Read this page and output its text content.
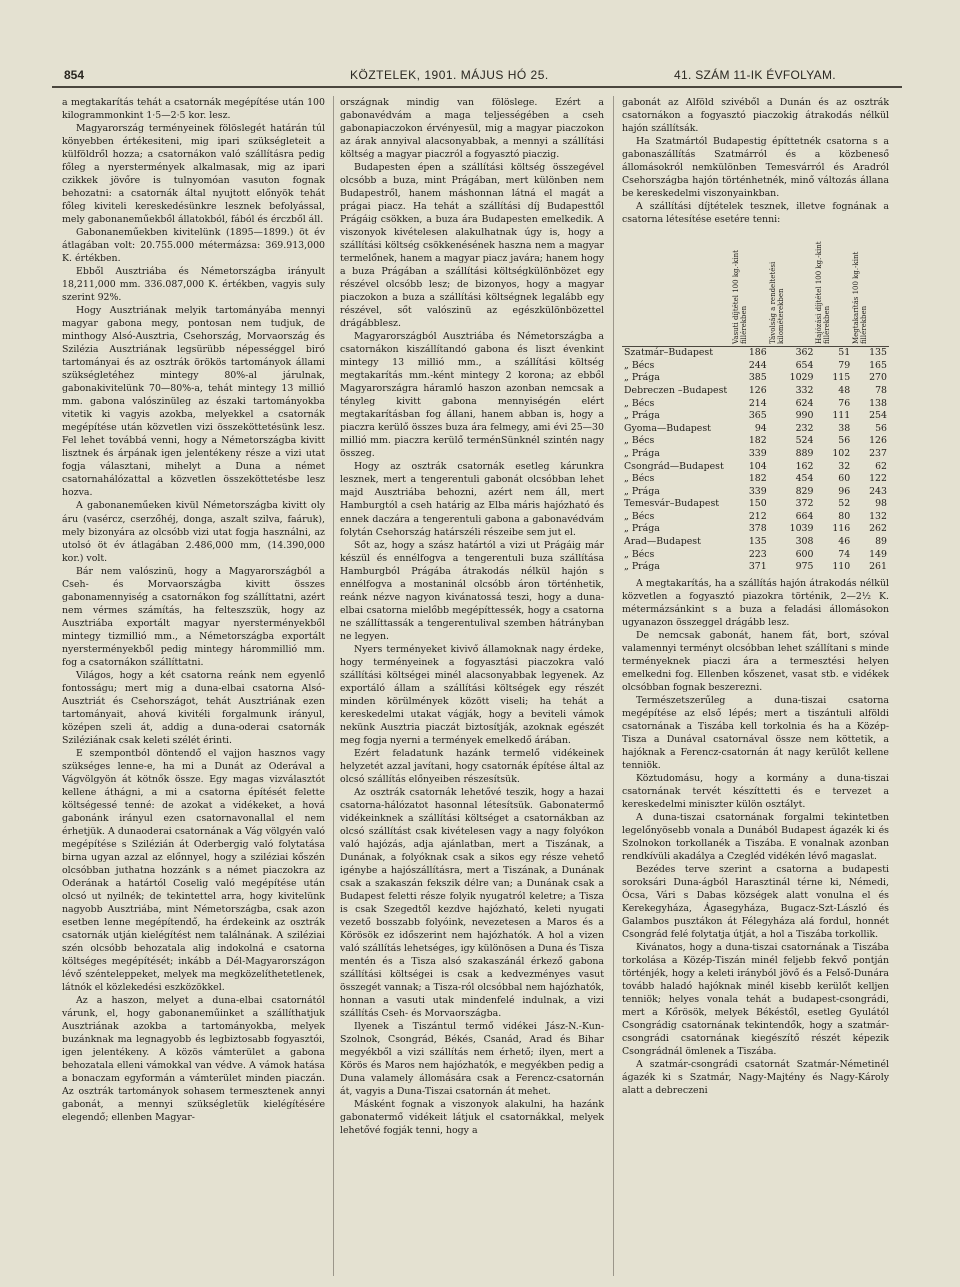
854	KÖZTELEK, 1901. MÁJUS HÓ 25.	41. SZÁM 11-IK ÉVFOLYAM.

a megtakarítás tehát a csatornák megépítése után 100 kilogrammonkint 1·5—2·5 kor. lesz.

Magyarország terményeinek fölöslegét határán túl könyebben értékesiteni, mig ipari szükségleteit a külföldről hozza; a csatornákon való szállításra pedig főleg a nyerstermények alkalmasak, mig az ipari czikkek jövőre is tulnyomóan vasuton fognak behozatni: a csatornák által nyujtott előnyök tehát főleg kiviteli kereskedésünkre lesznek befolyással, mely gabonaneműekből állatokból, fából és érczből áll.

Gabonaneműekben kivitelünk (1895—1899.) öt év átlagában volt: 20.755.000 métermázsa: 369.913,000 K. értékben.

Ebből Ausztriába és Németországba irányult 18,211,000 mm. 336.087,000 K. értékben, vagyis suly szerint 92%.

Hogy Ausztriának melyik tartományába mennyi magyar gabona megy, pontosan nem tudjuk, de minthogy Alsó-Ausztria, Csehország, Morvaország és Szilézia Ausztriának legsürübb népességgel biró tartományai és az osztrák örökös tartományok állami szükségletéhez mintegy 80%-al járulnak, gabonakivitelünk 70—80%-a, tehát mintegy 13 millió mm. gabona valószinüleg az északi tartományokba vitetik ki vagyis azokba, melyekkel a csatornák megépítése után közvetlen vizi összeköttetésünk lesz. Fel lehet továbbá venni, hogy a Németországba kivitt lisztnek és árpának igen jelentékeny része a vizi utat fogja választani, mihelyt a Duna a német csatornahálózattal a közvetlen összeköttetésbe lesz hozva.

A gabonaneműeken kivül Németországba kivitt oly áru (vasércz, cserzőhéj, donga, aszalt szilva, faáruk), mely bizonyára az olcsóbb vizi utat fogja használni, az utolsó öt év átlagában 2.486,000 mm, (14.390,000 kor.) volt.

Bár nem valószinü, hogy a Magyarországból a Cseh- és Morvaországba kivitt összes gabonamennyiség a csatornákon fog szállíttatni, azért nem vérmes számítás, ha felteszszük, hogy az Ausztriába exportált magyar nyersterményekből mintegy tizmillió mm., a Németországba exportált nyersterményekből pedig mintegy hárommillió mm. fog a csatornákon szállíttatni.

Világos, hogy a két csatorna reánk nem egyenlő fontosságu; mert mig a duna-elbai csatorna Alsó-Ausztriát és Csehországot, tehát Ausztriának ezen tartományait, ahová kivitéli forgalmunk irányul, középen szeli át, addig a duna-oderai csatornák Sziléziának csak keleti szélét érinti.

E szempontból döntendő el vajjon hasznos vagy szükséges lenne-e, ha mi a Dunát az Oderával a Vágvölgyön át kötnők össze. Egy magas vizválasztót kellene áthágni, a mi a csatorna építését felette költségessé tenné: de azokat a vidékeket, a hová gabonánk irányul ezen csatornavonallal el nem érhetjük. A dunaoderai csatornának a Vág völgyén való megépítése s Szilézián át Oderbergig való folytatása birna ugyan azzal az előnnyel, hogy a sziléziai kőszén olcsóbban juthatna hozzánk s a német piaczokra az Oderának a határtól Coselig való megépítése után olcsó ut nyilnék; de tekintettel arra, hogy kivitelünk nagyobb Ausztriába, mint Németországba, csak azon esetben lenne megépítendő, ha érdekeink az osztrák csatornák utján kielégítést nem találnának. A sziléziai szén olcsóbb behozatala alig indokolná e csatorna költséges megépítését; inkább a Dél-Magyarországon lévő szénteleppeket, melyek ma megközelíthetetlenek, látnók el közlekedési eszközökkel.

Az a haszon, melyet a duna-elbai csatornától várunk, el, hogy gabonaneműinket a szállíthatjuk Ausztriának azokba a tartományokba, melyek buzánknak ma legnagyobb és legbiztosabb fogyasztói, igen jelentékeny. A közös vámterület a gabona behozatala elleni vámokkal van védve. A vámok hatása a bonaczam egyformán a vámterület minden piaczán. Az osztrák tartományok sohasem termesztenek annyi gabonát, a mennyi szükségletük kielégítésére elegendő; ellenben Magyar-

országnak mindig van fölöslege. Ezért a gabonavédvám a maga teljességében a cseh gabonapiaczokon érvényesül, mig a magyar piaczokon az árak annyival alacsonyabbak, a mennyi a szállítási költség a magyar piaczról a fogyasztó piaczig.

Budapesten épen a szállítási költség összegével olcsóbb a buza, mint Prágában, mert különben nem Budapestről, hanem máshonnan látná el magát a prágai piacz. Ha tehát a szállítási díj Budapesttől Prágáig csökken, a buza ára Budapesten emelkedik. A viszonyok kivételesen alakulhatnak úgy is, hogy a szállítási költség csökkenésének haszna nem a magyar termelőnek, hanem a magyar piacz javára; hanem hogy a buza Prágában a szállítási költségkülönbözet egy részével olcsóbb lesz; de bizonyos, hogy a magyar piaczokon a buza a szállítási költségnek legalább egy részével, sőt valószinü az egészkülönbözettel drágábblesz.

Magyarországból Ausztriába és Németországba a csatornákon kiszállítandó gabona és liszt évenkint mintegy 13 millió mm., a szállítási költség megtakarítás mm.-ként mintegy 2 korona; az ebből Magyarországra háramló haszon azonban nemcsak a tényleg kivitt gabona mennyiségén elért megtakarításban fog állani, hanem abban is, hogy a piaczra kerülő összes buza ára felmegy, ami évi 25—30 millió mm. piaczra kerülő terménSünknél szintén nagy összeg.

Hogy az osztrák csatornák esetleg kárunkra lesznek, mert a tengerentuli gabonát olcsóbban lehet majd Ausztriába behozni, azért nem áll, mert Hamburgtól a cseh határig az Elba máris hajózható és ennek daczára a tengerentuli gabona a gabonavédvám folytán Csehország határszéli részeibe sem jut el.

Sőt az, hogy a szász határtól a vizi ut Prágáig már készül és ennélfogva a tengerentuli buza szállítása Hamburgból Prágába átrakodás nélkül hajón s ennélfogva a mostaninál olcsóbb áron történhetik, reánk nézve nagyon kivánatossá teszi, hogy a duna-elbai csatorna mielőbb megépíttessék, hogy a csatorna ne szállíttassák a tengerentulival szemben hátrányban ne legyen.

Nyers terményeket kivivő államoknak nagy érdeke, hogy terményeinek a fogyasztási piaczokra való szállítási költségei minél alacsonyabbak legyenek. Az exportáló állam a szállítási költségek egy részét minden körülmények között viseli; ha tehát a kereskedelmi utakat vágják, hogy a beviteli vámok nekünk Ausztria piaczát biztosítják, azoknak egészét meg fogja nyerni a termények emelkedő árában.

Ezért feladatunk hazánk termelő vidékeinek helyzetét azzal javítani, hogy csatornák építése által az olcsó szállítás előnyeiben részesítsük.

Az osztrák csatornák lehetővé teszik, hogy a hazai csatorna-hálózatot hasonnal létesítsük. Gabonatermő vidékeinknek a szállítási költséget a csatornákban az olcsó szállítást csak kivételesen vagy a nagy folyókon való hajózás, adja ajánlatban, mert a Tiszának, a Dunának, a folyóknak csak a sikos egy része vehető igénybe a hajószállításra, mert a Tiszának, a Dunának csak a szakaszán fekszik délre van; a Dunának csak a Budapest feletti része folyik nyugatról keletre; a Tisza is csak Szegedtől kezdve hajózható, keleti nyugati vezető bosszabb folyóink, nevezetesen a Maros és a Körösök ez időszerint nem hajózhatók. A hol a vizen való szállítás lehetséges, igy különösen a Duna és Tisza mentén és a Tisza alsó szakaszánál érkező gabona szállítási költségei is csak a kedvezményes vasut összegét vannak; a Tisza-ról olcsóbbal nem hajózhatók, honnan a vasuti utak mindenfelé indulnak, a vizi szállítás Cseh- és Morvaországba.

Ilyenek a Tiszántul termő vidékei Jász-N.-Kun-Szolnok, Csongrád, Békés, Csanád, Arad és Bihar megyékből a vizi szállítás nem érhető; ilyen, mert a Körös és Maros nem hajózhatók, e megyékben pedig a Duna valamely állomására csak a Ferencz-csatornán át, vagyis a Duna-Tiszai csatornán át mehet.

Másként fognak a viszonyok alakulni, ha hazánk gabonatermő vidékeit látjuk el csatornákkal, melyek lehetővé fogják tenni, hogy a

gabonát az Alföld szivéből a Dunán és az osztrák csatornákon a fogyasztó piaczokig átrakodás nélkül hajón szállítsák.

Ha Szatmártól Budapestig építtetnék csatorna s a gabonaszállítás Szatmárról és a közbeneső állomásokról nemkülönben Temesvárról és Aradról Csehországba hajón történhetnék, minő változás állana be kereskedelmi viszonyainkban.

A szállítási díjtételek tesznek, illetve fognának a csatorna létesítése esetére tenni:

	Vasuti díjtétel 100 kg.-kint fillérekben	Távolság a rendeltetési kilométerekben	Hajózási díjtétel 100 kg.-kint fillérekben	Megtakarítás 100 kg.-kint fillérekben
Szatmár–Budapest	186	362	51	135
„ Bécs	244	654	79	165
„ Prága	385	1029	115	270
Debreczen –Budapest	126	332	48	78
„ Bécs	214	624	76	138
„ Prága	365	990	111	254
Gyoma—Budapest	94	232	38	56
„ Bécs	182	524	56	126
„ Prága	339	889	102	237
Csongrád—Budapest	104	162	32	62
„ Bécs	182	454	60	122
„ Prága	339	829	96	243
Temesvár–Budapest	150	372	52	98
„ Bécs	212	664	80	132
„ Prága	378	1039	116	262
Arad—Budapest	135	308	46	89
„ Bécs	223	600	74	149
„ Prága	371	975	110	261

A megtakarítás, ha a szállítás hajón átrakodás nélkül közvetlen a fogyasztó piazokra történik, 2—2½ K. métermázsánkint s a buza a feladási állomásokon ugyanazon összeggel drágább lesz.

De nemcsak gabonát, hanem fát, bort, szóval valamennyi terményt olcsóbban lehet szállítani s minde terményeknek piaczi ára a termesztési helyen emelkedni fog. Ellenben kőszenet, vasat stb. e vidékek olcsóbban fognak beszerezni.

Természetszerűleg a duna-tiszai csatorna megépítése az első lépés; mert a tiszántuli alföldi csatornának a Tiszába kell torkolnia és ha a Közép-Tisza a Dunával csatornával össze nem köttetik, a hajóknak a Ferencz-csatornán át nagy kerülőt kellene tenniök.

Köztudomásu, hogy a kormány a duna-tiszai csatornának tervét készíttetti és e tervezet a kereskedelmi miniszter külön osztályt.

A duna-tiszai csatornának forgalmi tekintetben legelőnyösebb vonala a Dunából Budapest ágazék ki és Szolnokon torkollanék a Tiszába. E vonalnak azonban rendkívüli akadálya a Czegléd vidékén lévő magaslat.

Bezédes terve szerint a csatorna a budapesti soroksári Duna-ágból Harasztinál térne ki, Némedi, Ócsa, Vári s Dabas községek alatt vonulna el és Kerekegyháza, Ágasegyháza, Bugacz-Szt-László és Galambos pusztákon át Félegyháza alá fordul, honnét Csongrád felé folytatja útját, a hol a Tiszába torkollik.

Kivánatos, hogy a duna-tiszai csatornának a Tiszába torkolása a Közép-Tiszán minél feljebb fekvő pontján történjék, hogy a keleti irányból jövő és a Felső-Dunára tovább haladó hajóknak minél kisebb kerülőt kelljen tenniök; helyes vonala tehát a budapest-csongrádi, mert a Kőrösök, melyek Békéstől, esetleg Gyulától Csongrádig csatornának tekintendők, hogy a szatmár-csongrádi csatornának kiegészítő részét képezik Csongrádnál ömlenek a Tiszába.

A szatmár-csongrádi csatornát Szatmár-Németinél ágazék ki s Szatmár, Nagy-Majtény és Nagy-Károly alatt a debreczeni
